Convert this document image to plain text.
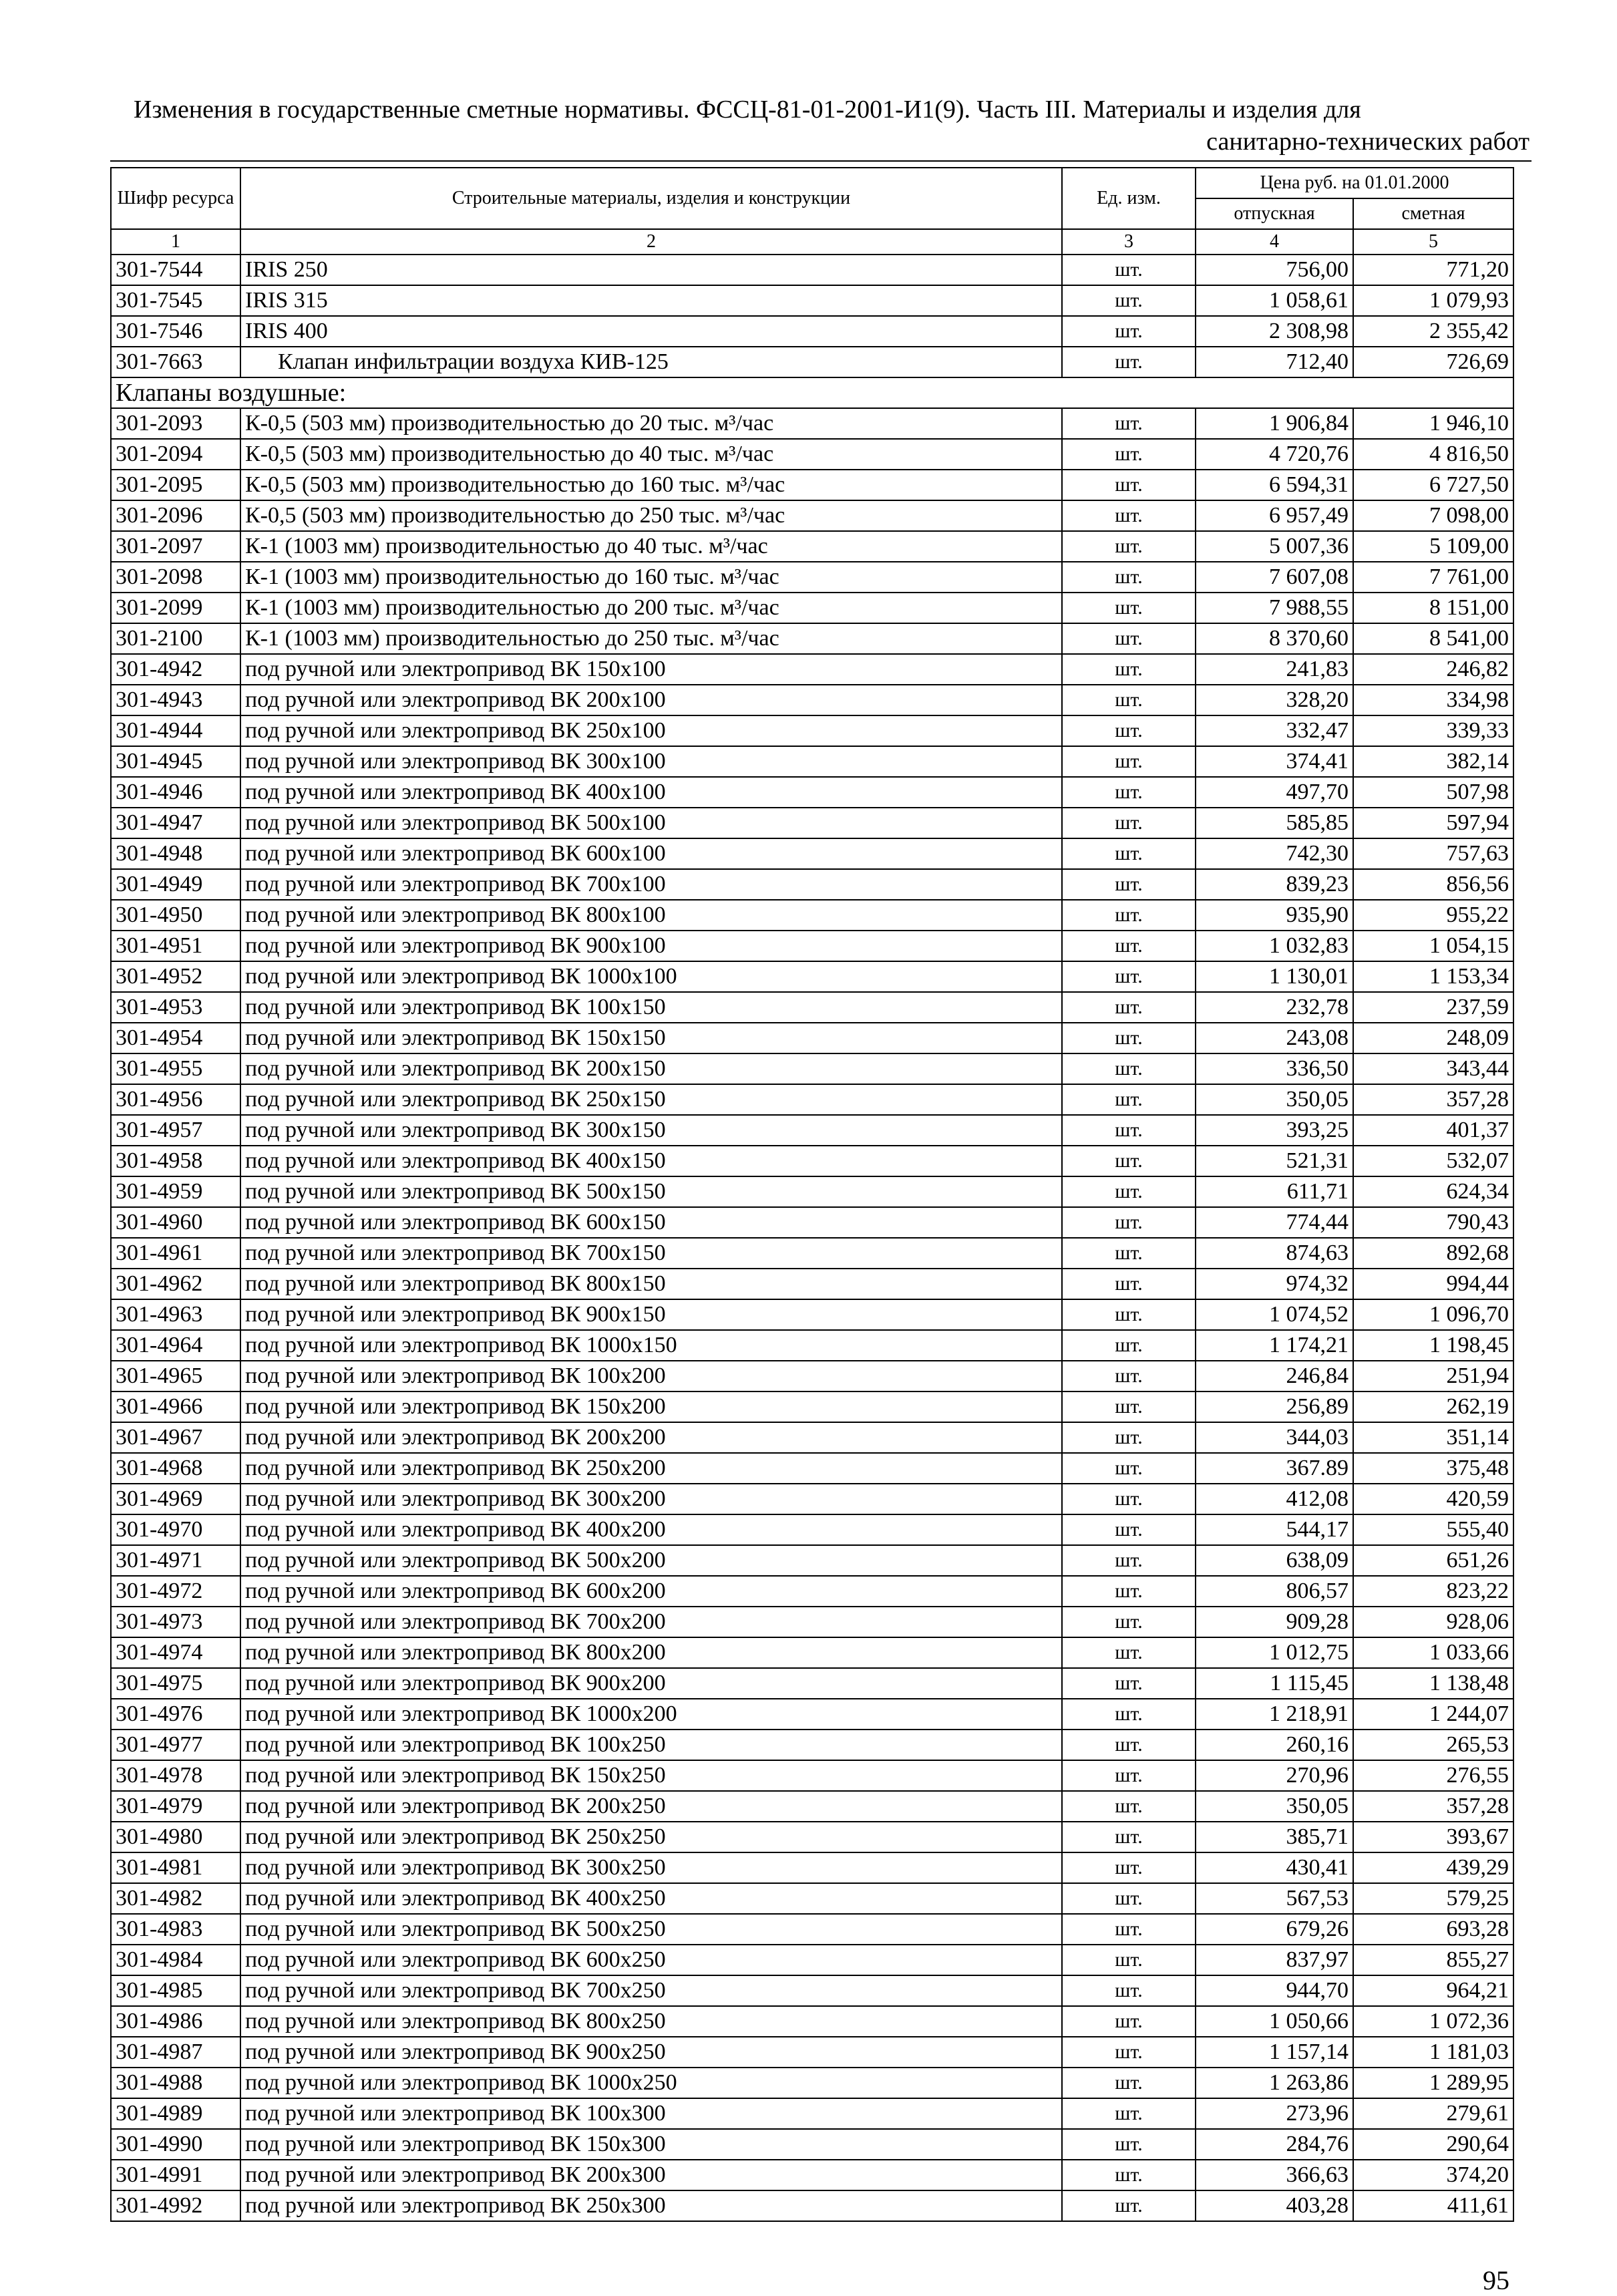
Изменения в государственные сметные нормативы. ФССЦ-81-01-2001-И1(9). Часть III. Материалы и изделия для
санитарно-технических работ
Шифр ресурса	Строительные материалы, изделия и конструкции	Ед. изм.	Цена руб. на 01.01.2000	
			отпускная	сметная
1	2	3	4	5
301-7544	IRIS 250	шт.	756,00	771,20
301-7545	IRIS 315	шт.	1 058,61	1 079,93
301-7546	IRIS 400	шт.	2 308,98	2 355,42
301-7663	Клапан инфильтрации воздуха КИВ-125	шт.	712,40	726,69
Клапаны воздушные:				
301-2093	К-0,5 (503 мм) производительностью до 20 тыс. м³/час	шт.	1 906,84	1 946,10
301-2094	К-0,5 (503 мм) производительностью до 40 тыс. м³/час	шт.	4 720,76	4 816,50
301-2095	К-0,5 (503 мм) производительностью до 160 тыс. м³/час	шт.	6 594,31	6 727,50
301-2096	К-0,5 (503 мм) производительностью до 250 тыс. м³/час	шт.	6 957,49	7 098,00
301-2097	К-1 (1003 мм) производительностью до 40 тыс. м³/час	шт.	5 007,36	5 109,00
301-2098	К-1 (1003 мм) производительностью до 160 тыс. м³/час	шт.	7 607,08	7 761,00
301-2099	К-1 (1003 мм) производительностью до 200 тыс. м³/час	шт.	7 988,55	8 151,00
301-2100	К-1 (1003 мм) производительностью до 250 тыс. м³/час	шт.	8 370,60	8 541,00
301-4942	под ручной или электропривод ВК 150х100	шт.	241,83	246,82
301-4943	под ручной или электропривод ВК 200х100	шт.	328,20	334,98
301-4944	под ручной или электропривод ВК 250х100	шт.	332,47	339,33
301-4945	под ручной или электропривод ВК 300х100	шт.	374,41	382,14
301-4946	под ручной или электропривод ВК 400х100	шт.	497,70	507,98
301-4947	под ручной или электропривод ВК 500х100	шт.	585,85	597,94
301-4948	под ручной или электропривод ВК 600х100	шт.	742,30	757,63
301-4949	под ручной или электропривод ВК 700х100	шт.	839,23	856,56
301-4950	под ручной или электропривод ВК 800х100	шт.	935,90	955,22
301-4951	под ручной или электропривод ВК 900х100	шт.	1 032,83	1 054,15
301-4952	под ручной или электропривод ВК 1000х100	шт.	1 130,01	1 153,34
301-4953	под ручной или электропривод ВК 100х150	шт.	232,78	237,59
301-4954	под ручной или электропривод ВК 150х150	шт.	243,08	248,09
301-4955	под ручной или электропривод ВК 200х150	шт.	336,50	343,44
301-4956	под ручной или электропривод ВК 250х150	шт.	350,05	357,28
301-4957	под ручной или электропривод ВК 300х150	шт.	393,25	401,37
301-4958	под ручной или электропривод ВК 400х150	шт.	521,31	532,07
301-4959	под ручной или электропривод ВК 500х150	шт.	611,71	624,34
301-4960	под ручной или электропривод ВК 600х150	шт.	774,44	790,43
301-4961	под ручной или электропривод ВК 700х150	шт.	874,63	892,68
301-4962	под ручной или электропривод ВК 800х150	шт.	974,32	994,44
301-4963	под ручной или электропривод ВК 900х150	шт.	1 074,52	1 096,70
301-4964	под ручной или электропривод ВК 1000х150	шт.	1 174,21	1 198,45
301-4965	под ручной или электропривод ВК 100х200	шт.	246,84	251,94
301-4966	под ручной или электропривод ВК 150х200	шт.	256,89	262,19
301-4967	под ручной или электропривод ВК 200х200	шт.	344,03	351,14
301-4968	под ручной или электропривод ВК 250х200	шт.	367.89	375,48
301-4969	под ручной или электропривод ВК 300х200	шт.	412,08	420,59
301-4970	под ручной или электропривод ВК 400х200	шт.	544,17	555,40
301-4971	под ручной или электропривод ВК 500х200	шт.	638,09	651,26
301-4972	под ручной или электропривод ВК 600х200	шт.	806,57	823,22
301-4973	под ручной или электропривод ВК 700х200	шт.	909,28	928,06
301-4974	под ручной или электропривод ВК 800х200	шт.	1 012,75	1 033,66
301-4975	под ручной или электропривод ВК 900х200	шт.	1 115,45	1 138,48
301-4976	под ручной или электропривод ВК 1000х200	шт.	1 218,91	1 244,07
301-4977	под ручной или электропривод ВК 100х250	шт.	260,16	265,53
301-4978	под ручной или электропривод ВК 150х250	шт.	270,96	276,55
301-4979	под ручной или электропривод ВК 200х250	шт.	350,05	357,28
301-4980	под ручной или электропривод ВК 250х250	шт.	385,71	393,67
301-4981	под ручной или электропривод ВК 300х250	шт.	430,41	439,29
301-4982	под ручной или электропривод ВК 400х250	шт.	567,53	579,25
301-4983	под ручной или электропривод ВК 500х250	шт.	679,26	693,28
301-4984	под ручной или электропривод ВК 600х250	шт.	837,97	855,27
301-4985	под ручной или электропривод ВК 700х250	шт.	944,70	964,21
301-4986	под ручной или электропривод ВК 800х250	шт.	1 050,66	1 072,36
301-4987	под ручной или электропривод ВК 900х250	шт.	1 157,14	1 181,03
301-4988	под ручной или электропривод ВК 1000х250	шт.	1 263,86	1 289,95
301-4989	под ручной или электропривод ВК 100х300	шт.	273,96	279,61
301-4990	под ручной или электропривод ВК 150х300	шт.	284,76	290,64
301-4991	под ручной или электропривод ВК 200х300	шт.	366,63	374,20
301-4992	под ручной или электропривод ВК 250х300	шт.	403,28	411,61
95
